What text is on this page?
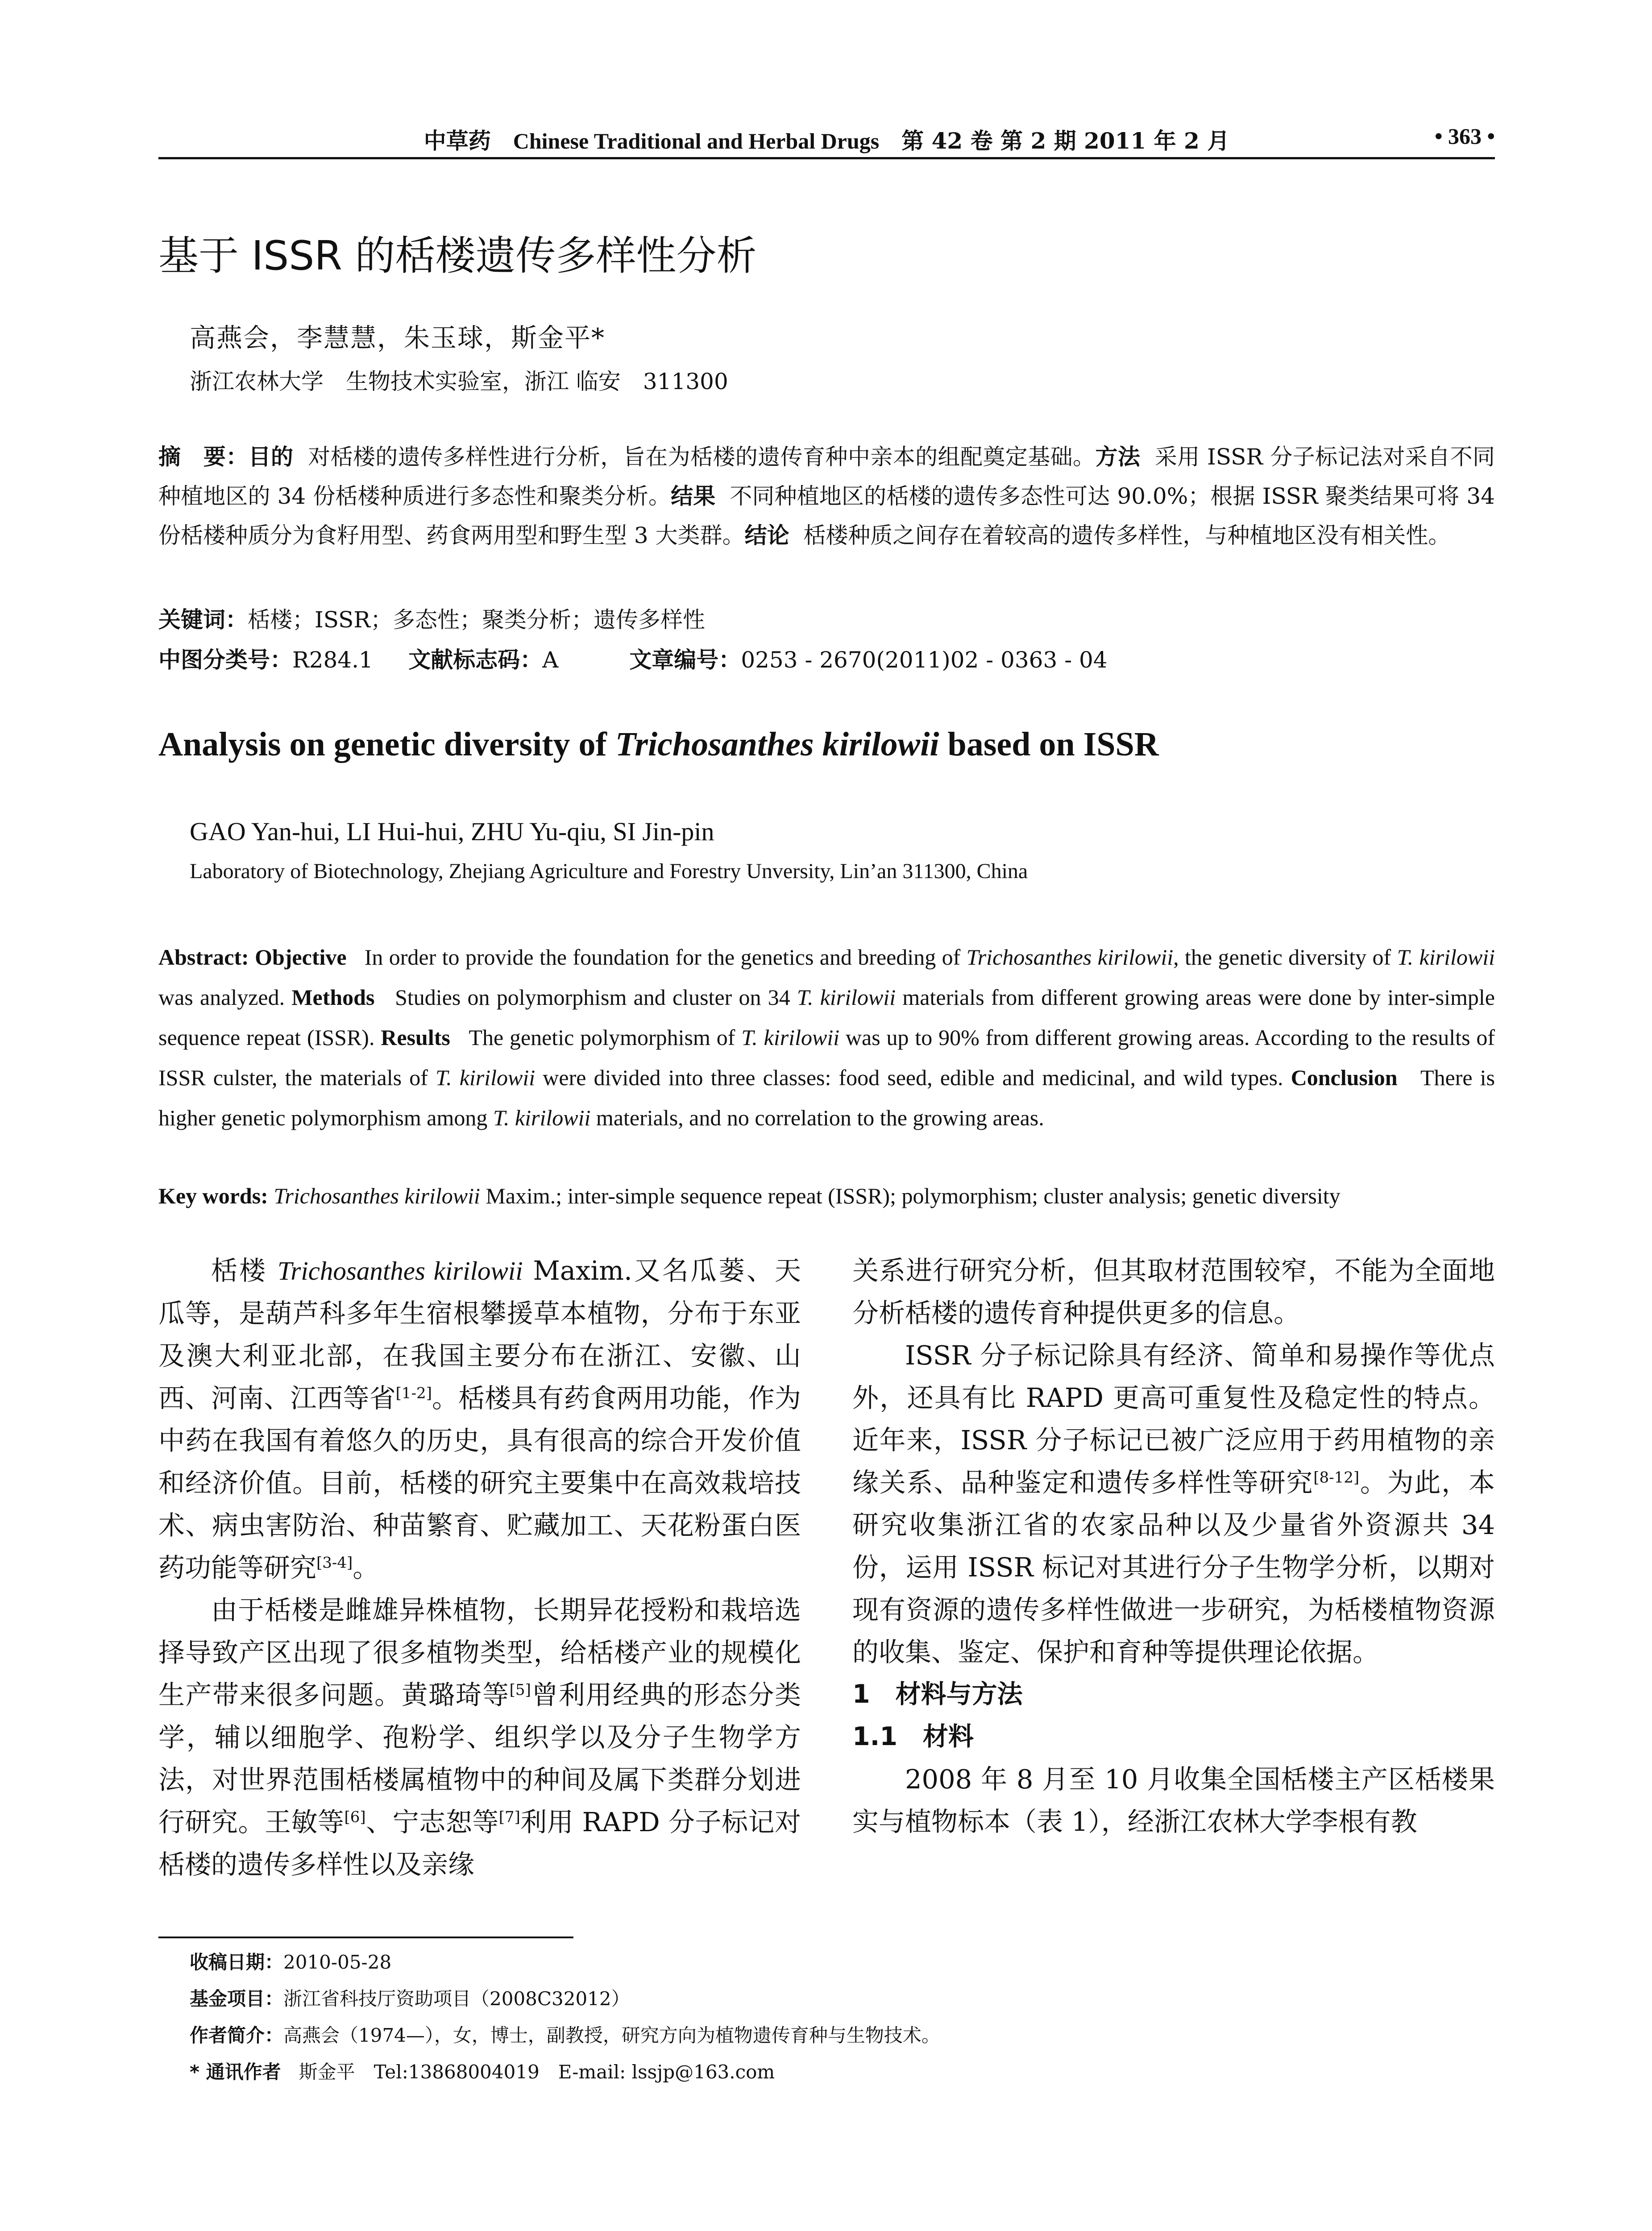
中草药 Chinese Traditional and Herbal Drugs 第 42 卷 第 2 期 2011 年 2 月	• 363 •
基于 ISSR 的栝楼遗传多样性分析
高燕会，李慧慧，朱玉球，斯金平*
浙江农林大学　生物技术实验室，浙江 临安　311300
摘　要：目的 对栝楼的遗传多样性进行分析，旨在为栝楼的遗传育种中亲本的组配奠定基础。方法 采用 ISSR 分子标记法对采自不同种植地区的 34 份栝楼种质进行多态性和聚类分析。结果 不同种植地区的栝楼的遗传多态性可达 90.0%；根据 ISSR 聚类结果可将 34 份栝楼种质分为食籽用型、药食两用型和野生型 3 大类群。结论 栝楼种质之间存在着较高的遗传多样性，与种植地区没有相关性。
关键词：栝楼；ISSR；多态性；聚类分析；遗传多样性
中图分类号：R284.1 文献标志码：A	文章编号：0253 - 2670(2011)02 - 0363 - 04
Analysis on genetic diversity of Trichosanthes kirilowii based on ISSR
GAO Yan-hui, LI Hui-hui, ZHU Yu-qiu, SI Jin-pin
Laboratory of Biotechnology, Zhejiang Agriculture and Forestry Unversity, Lin’an 311300, China
Abstract: Objective In order to provide the foundation for the genetics and breeding of Trichosanthes kirilowii, the genetic diversity of T. kirilowii was analyzed. Methods Studies on polymorphism and cluster on 34 T. kirilowii materials from different growing areas were done by inter-simple sequence repeat (ISSR). Results The genetic polymorphism of T. kirilowii was up to 90% from different growing areas. According to the results of ISSR culster, the materials of T. kirilowii were divided into three classes: food seed, edible and medicinal, and wild types. Conclusion There is higher genetic polymorphism among T. kirilowii materials, and no correlation to the growing areas.
Key words: Trichosanthes kirilowii Maxim.; inter-simple sequence repeat (ISSR); polymorphism; cluster analysis; genetic diversity

栝楼 Trichosanthes kirilowii Maxim.又名瓜蒌、天瓜等，是葫芦科多年生宿根攀援草本植物，分布于东亚及澳大利亚北部，在我国主要分布在浙江、安徽、山西、河南、江西等省[1-2]。栝楼具有药食两用功能，作为中药在我国有着悠久的历史，具有很高的综合开发价值和经济价值。目前，栝楼的研究主要集中在高效栽培技术、病虫害防治、种苗繁育、贮藏加工、天花粉蛋白医药功能等研究[3-4]。

由于栝楼是雌雄异株植物，长期异花授粉和栽培选择导致产区出现了很多植物类型，给栝楼产业的规模化生产带来很多问题。黄璐琦等[5]曾利用经典的形态分类学，辅以细胞学、孢粉学、组织学以及分子生物学方法，对世界范围栝楼属植物中的种间及属下类群分划进行研究。王敏等[6]、宁志恕等[7]利用 RAPD 分子标记对栝楼的遗传多样性以及亲缘

关系进行研究分析，但其取材范围较窄，不能为全面地分析栝楼的遗传育种提供更多的信息。

ISSR 分子标记除具有经济、简单和易操作等优点外，还具有比 RAPD 更高可重复性及稳定性的特点。近年来，ISSR 分子标记已被广泛应用于药用植物的亲缘关系、品种鉴定和遗传多样性等研究[8-12]。为此，本研究收集浙江省的农家品种以及少量省外资源共 34 份，运用 ISSR 标记对其进行分子生物学分析，以期对现有资源的遗传多样性做进一步研究，为栝楼植物资源的收集、鉴定、保护和育种等提供理论依据。

1　材料与方法

1.1　材料

2008 年 8 月至 10 月收集全国栝楼主产区栝楼果实与植物标本（表 1），经浙江农林大学李根有教

收稿日期：2010-05-28
基金项目：浙江省科技厅资助项目（2008C32012）
作者简介：高燕会（1974—），女，博士，副教授，研究方向为植物遗传育种与生物技术。
* 通讯作者 斯金平　Tel:13868004019　E-mail: lssjp@163.com
